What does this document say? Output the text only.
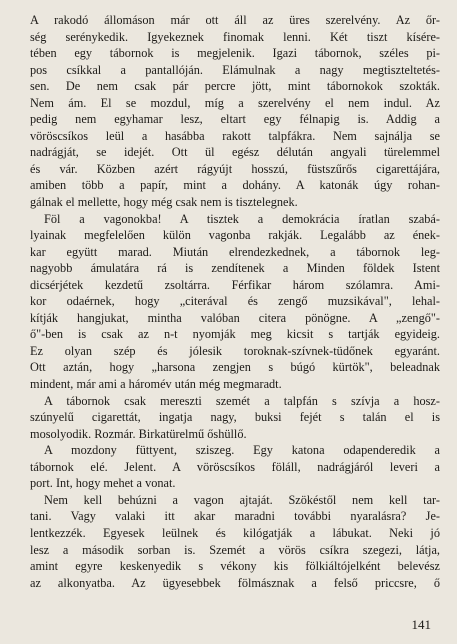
A rakodó állomáson már ott áll az üres szerelvény. Az őr-
ség serénykedik. Igyekeznek finomak lenni. Két tiszt kísére-
tében egy tábornok is megjelenik. Igazi tábornok, széles pi-
pos csíkkal a pantallóján. Elámulnak a nagy megtiszteltetés-
sen. De nem csak pár percre jött, mint tábornokok szokták.
Nem ám. El se mozdul, míg a szerelvény el nem indul. Az
pedig nem egyhamar lesz, eltart egy félnapig is. Addig a
vöröscsíkos leül a hasábba rakott talpfákra. Nem sajnálja se
nadrágját, se idejét. Ott ül egész délután angyali türelemmel
és vár. Közben azért rágyújt hosszú, füstszűrős cigarettájára,
amiben több a papír, mint a dohány. A katonák úgy rohan-
gálnak el mellette, hogy még csak nem is tisztelegnek.
Föl a vagonokba! A tisztek a demokrácia íratlan szabá-
lyainak megfelelően külön vagonba rakják. Legalább az ének-
kar együtt marad. Miután elrendezkednek, a tábornok leg-
nagyobb ámulatára rá is zendítenek a Minden földek Istent
dicsérjétek kezdetű zsoltárra. Férfikar három szólamra. Ami-
kor odaérnek, hogy „citerával és zengő muzsikával", lehal-
kítják hangjukat, mintha valóban citera pönögne. A „zengő"-
ő"-ben is csak az n-t nyomják meg kicsit s tartják egyideig.
Ez olyan szép és jólesik toroknak-szívnek-tüdőnek egyaránt.
Ott aztán, hogy „harsona zengjen s búgó kürtök", beleadnak
mindent, már ami a háromév után még megmaradt.
A tábornok csak mereszti szemét a talpfán s szívja a hosz-
szúnyelű cigarettát, ingatja nagy, buksi fejét s talán el is
mosolyodik. Rozmár. Birkatürelmű őshüllő.
A mozdony füttyent, sziszeg. Egy katona odapenderedik a
tábornok elé. Jelent. A vöröscsíkos föláll, nadrágjáról leveri a
port. Int, hogy mehet a vonat.
Nem kell behúzni a vagon ajtaját. Szökéstől nem kell tar-
tani. Vagy valaki itt akar maradni további nyaralásra? Je-
lentkezzék. Egyesek leülnek és kilógatják a lábukat. Neki jó
lesz a második sorban is. Szemét a vörös csíkra szegezi, látja,
amint egyre keskenyedik s vékony kis fölkiáltójelként belevész
az alkonyatba. Az ügyesebbek fölmásznak a felső priccsre, ő
141
